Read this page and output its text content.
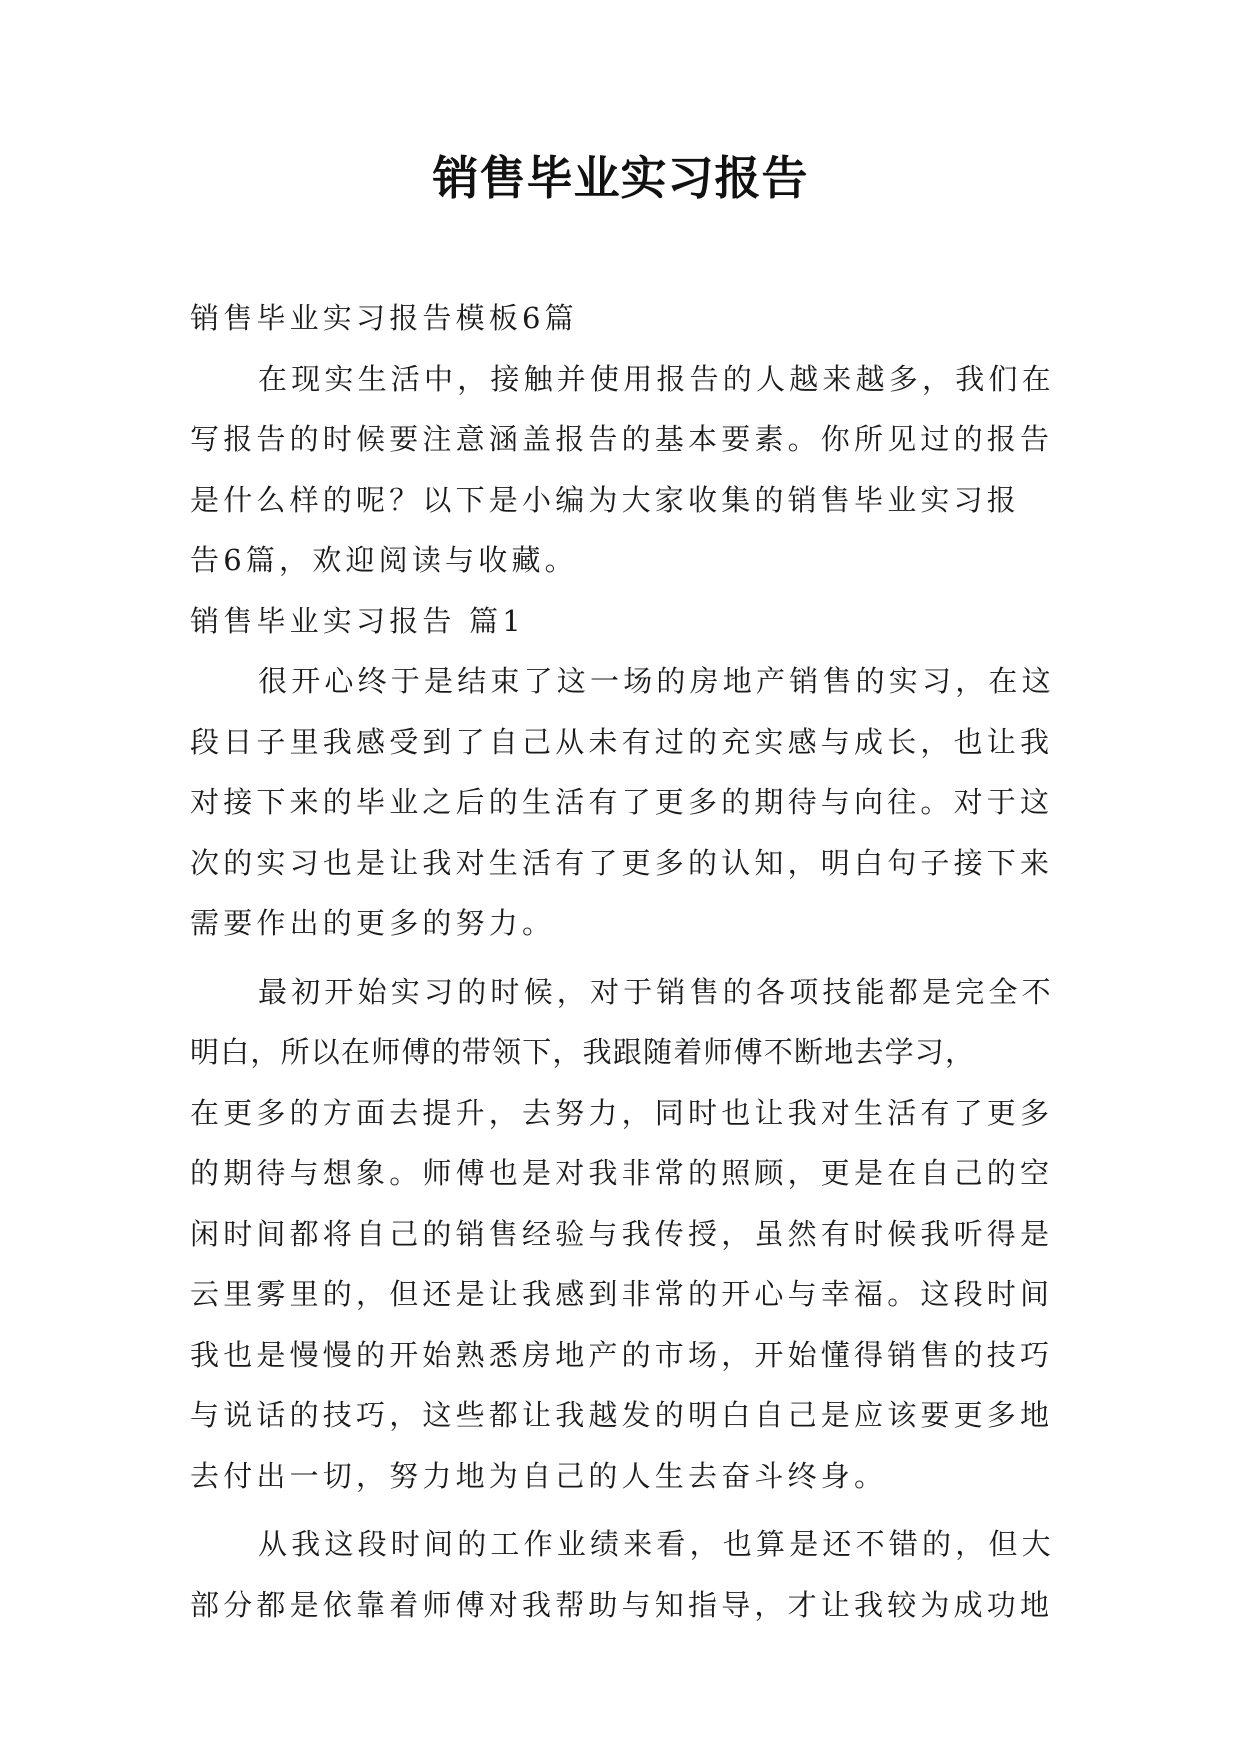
销售毕业实习报告
销售毕业实习报告模板6篇
在现实生活中，接触并使用报告的人越来越多，我们在
写报告的时候要注意涵盖报告的基本要素。你所见过的报告
是什么样的呢？以下是小编为大家收集的销售毕业实习报
告6篇，欢迎阅读与收藏。
销售毕业实习报告 篇1
很开心终于是结束了这一场的房地产销售的实习，在这
段日子里我感受到了自己从未有过的充实感与成长，也让我
对接下来的毕业之后的生活有了更多的期待与向往。对于这
次的实习也是让我对生活有了更多的认知，明白句子接下来
需要作出的更多的努力。
最初开始实习的时候，对于销售的各项技能都是完全不
明白，所以在师傅的带领下，我跟随着师傅不断地去学习，
在更多的方面去提升，去努力，同时也让我对生活有了更多
的期待与想象。师傅也是对我非常的照顾，更是在自己的空
闲时间都将自己的销售经验与我传授，虽然有时候我听得是
云里雾里的，但还是让我感到非常的开心与幸福。这段时间
我也是慢慢的开始熟悉房地产的市场，开始懂得销售的技巧
与说话的技巧，这些都让我越发的明白自己是应该要更多地
去付出一切，努力地为自己的人生去奋斗终身。
从我这段时间的工作业绩来看，也算是还不错的，但大
部分都是依靠着师傅对我帮助与知指导，才让我较为成功地
